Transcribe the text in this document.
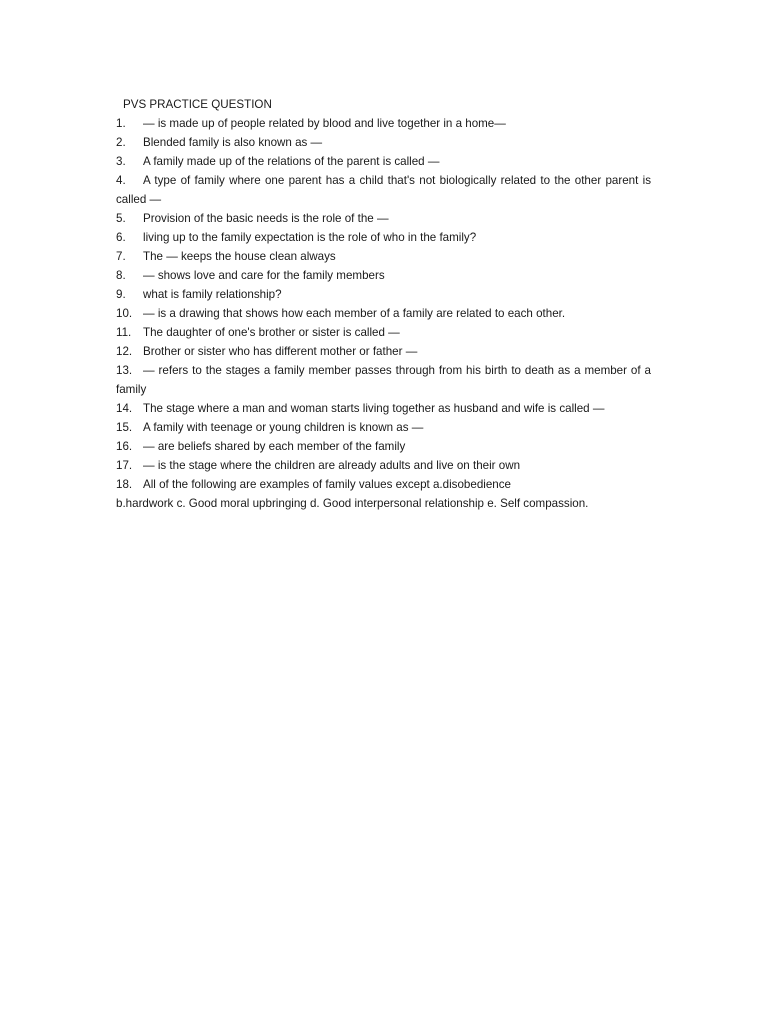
PVS PRACTICE QUESTION

1. — is made up of people related by blood and live together in a home—
2. Blended family is also known as —
3. A family made up of the relations of the parent is called —
4. A type of family where one parent has a child that's not biologically related to the other parent is called —
5. Provision of the basic needs is the role of the —
6. living up to the family expectation is the role of who in the family?
7. The — keeps the house clean always
8. — shows love and care for the family members
9. what is family relationship?
10. — is a drawing that shows how each member of a family are related to each other.
11. The daughter of one's brother or sister is called —
12. Brother or sister who has different mother or father —
13. — refers to the stages a family member passes through from his birth to death as a member of a family
14. The stage where a man and woman starts living together as husband and wife is called —
15. A family with teenage or young children is known as —
16. — are beliefs shared by each member of the family
17. — is the stage where the children are already adults and live on their own
18. All of the following are examples of family values except a.disobedience

b.hardwork c. Good moral upbringing d. Good interpersonal relationship e. Self compassion.
